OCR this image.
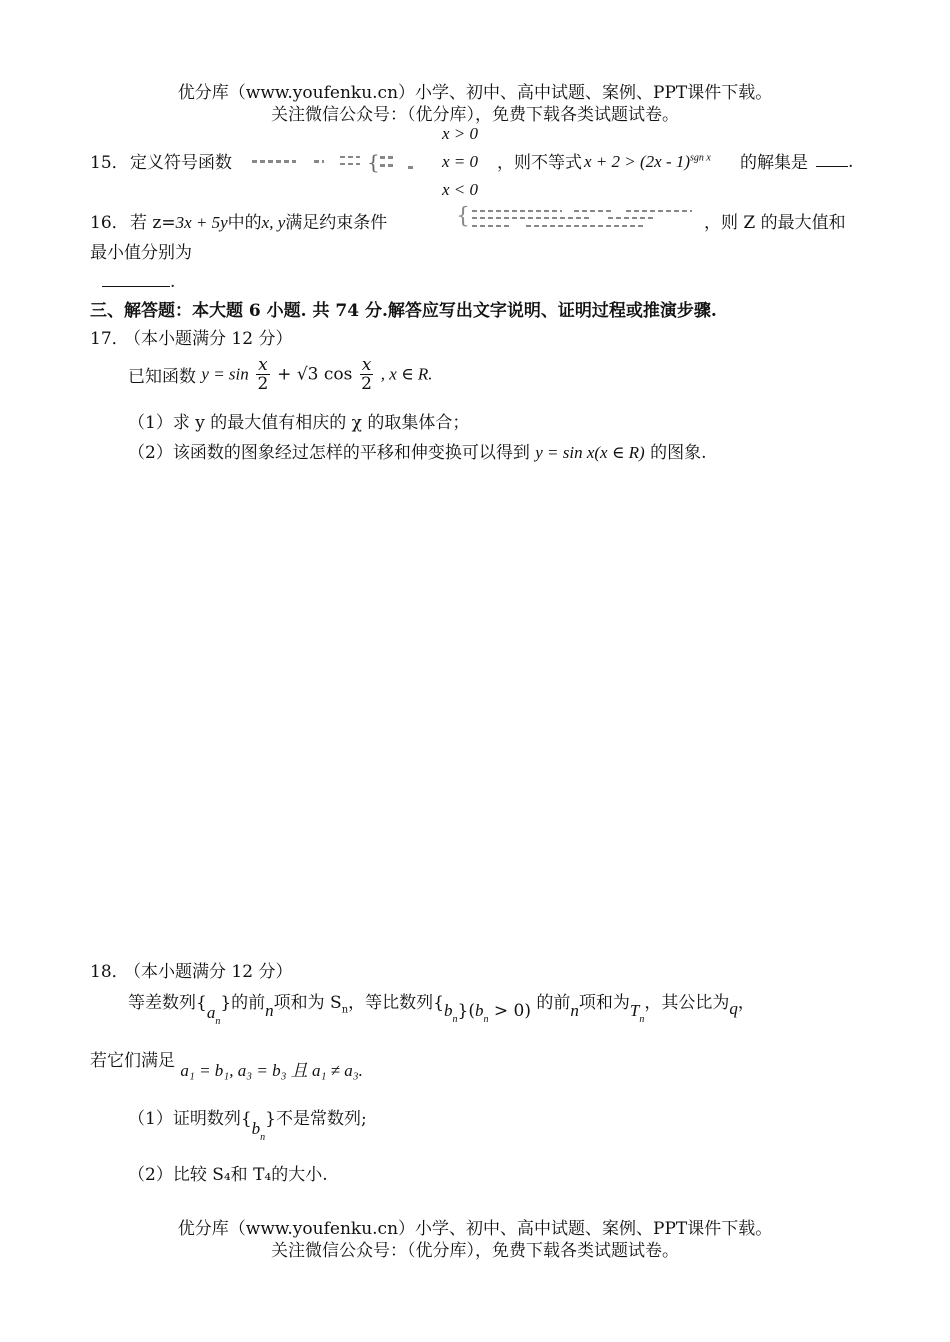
优分库（www.youfenku.cn）小学、初中、高中试题、案例、PPT课件下载。
关注微信公众号：（优分库），免费下载各类试题试卷。
x > 0
15． 定义符号函数	{	x = 0 ，则不等式 x + 2 > (2x - 1)$^{sgn x}$ 的解集是	.
x < 0
16． 若 z=3x + 5y中的x, y满足约束条件	{	，则 Z 的最大值和
最小值分别为
.
三、解答题：本大题 6 小题. 共 74 分.解答应写出文字说明、证明过程或推演步骤.
17．
（本小题满分 12 分）
已知函数 $y = \sin \frac{x}{2} + √3$ $\cos \frac{x}{2}$ , x ∈ R.
（1）求 y 的最大值有相庆的 χ 的取集体合；
（2）该函数的图象经过怎样的平移和伸变换可以得到 y = sin x(x ∈ R) 的图象.
18．
（本小题满分 12 分）
等差数列$\{a_n\}$的前n项和为 $S_n$，等比数列$\{b_n\}(b_n > 0)$ 的前n项和为$T_n$，其公比为q，
若它们满足 a₁ = b₁, a₃ = b₃ 且 a₁ ≠ a₃.
（1）证明数列$\{b_n\}$不是常数列;
（2）比较 S₄和 T₄的大小.
优分库（www.youfenku.cn）小学、初中、高中试题、案例、PPT课件下载。
关注微信公众号：（优分库），免费下载各类试题试卷。
